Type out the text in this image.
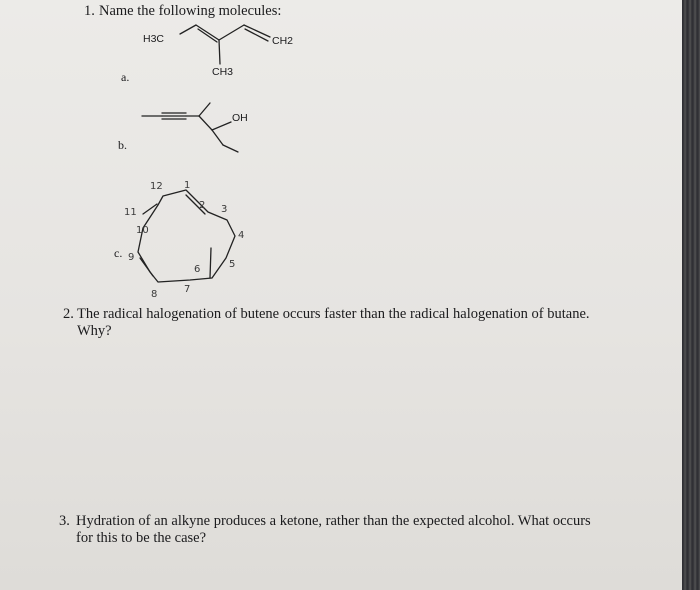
1. Name the following molecules:
a.
H3C	CH2
CH3
b.
OH
c.
12 1
2 3
4
5
6
7
8
9
10
11
2. The radical halogenation of butene occurs faster than the radical halogenation of butane.
Why?
3. Hydration of an alkyne produces a ketone, rather than the expected alcohol. What occurs
for this to be the case?
